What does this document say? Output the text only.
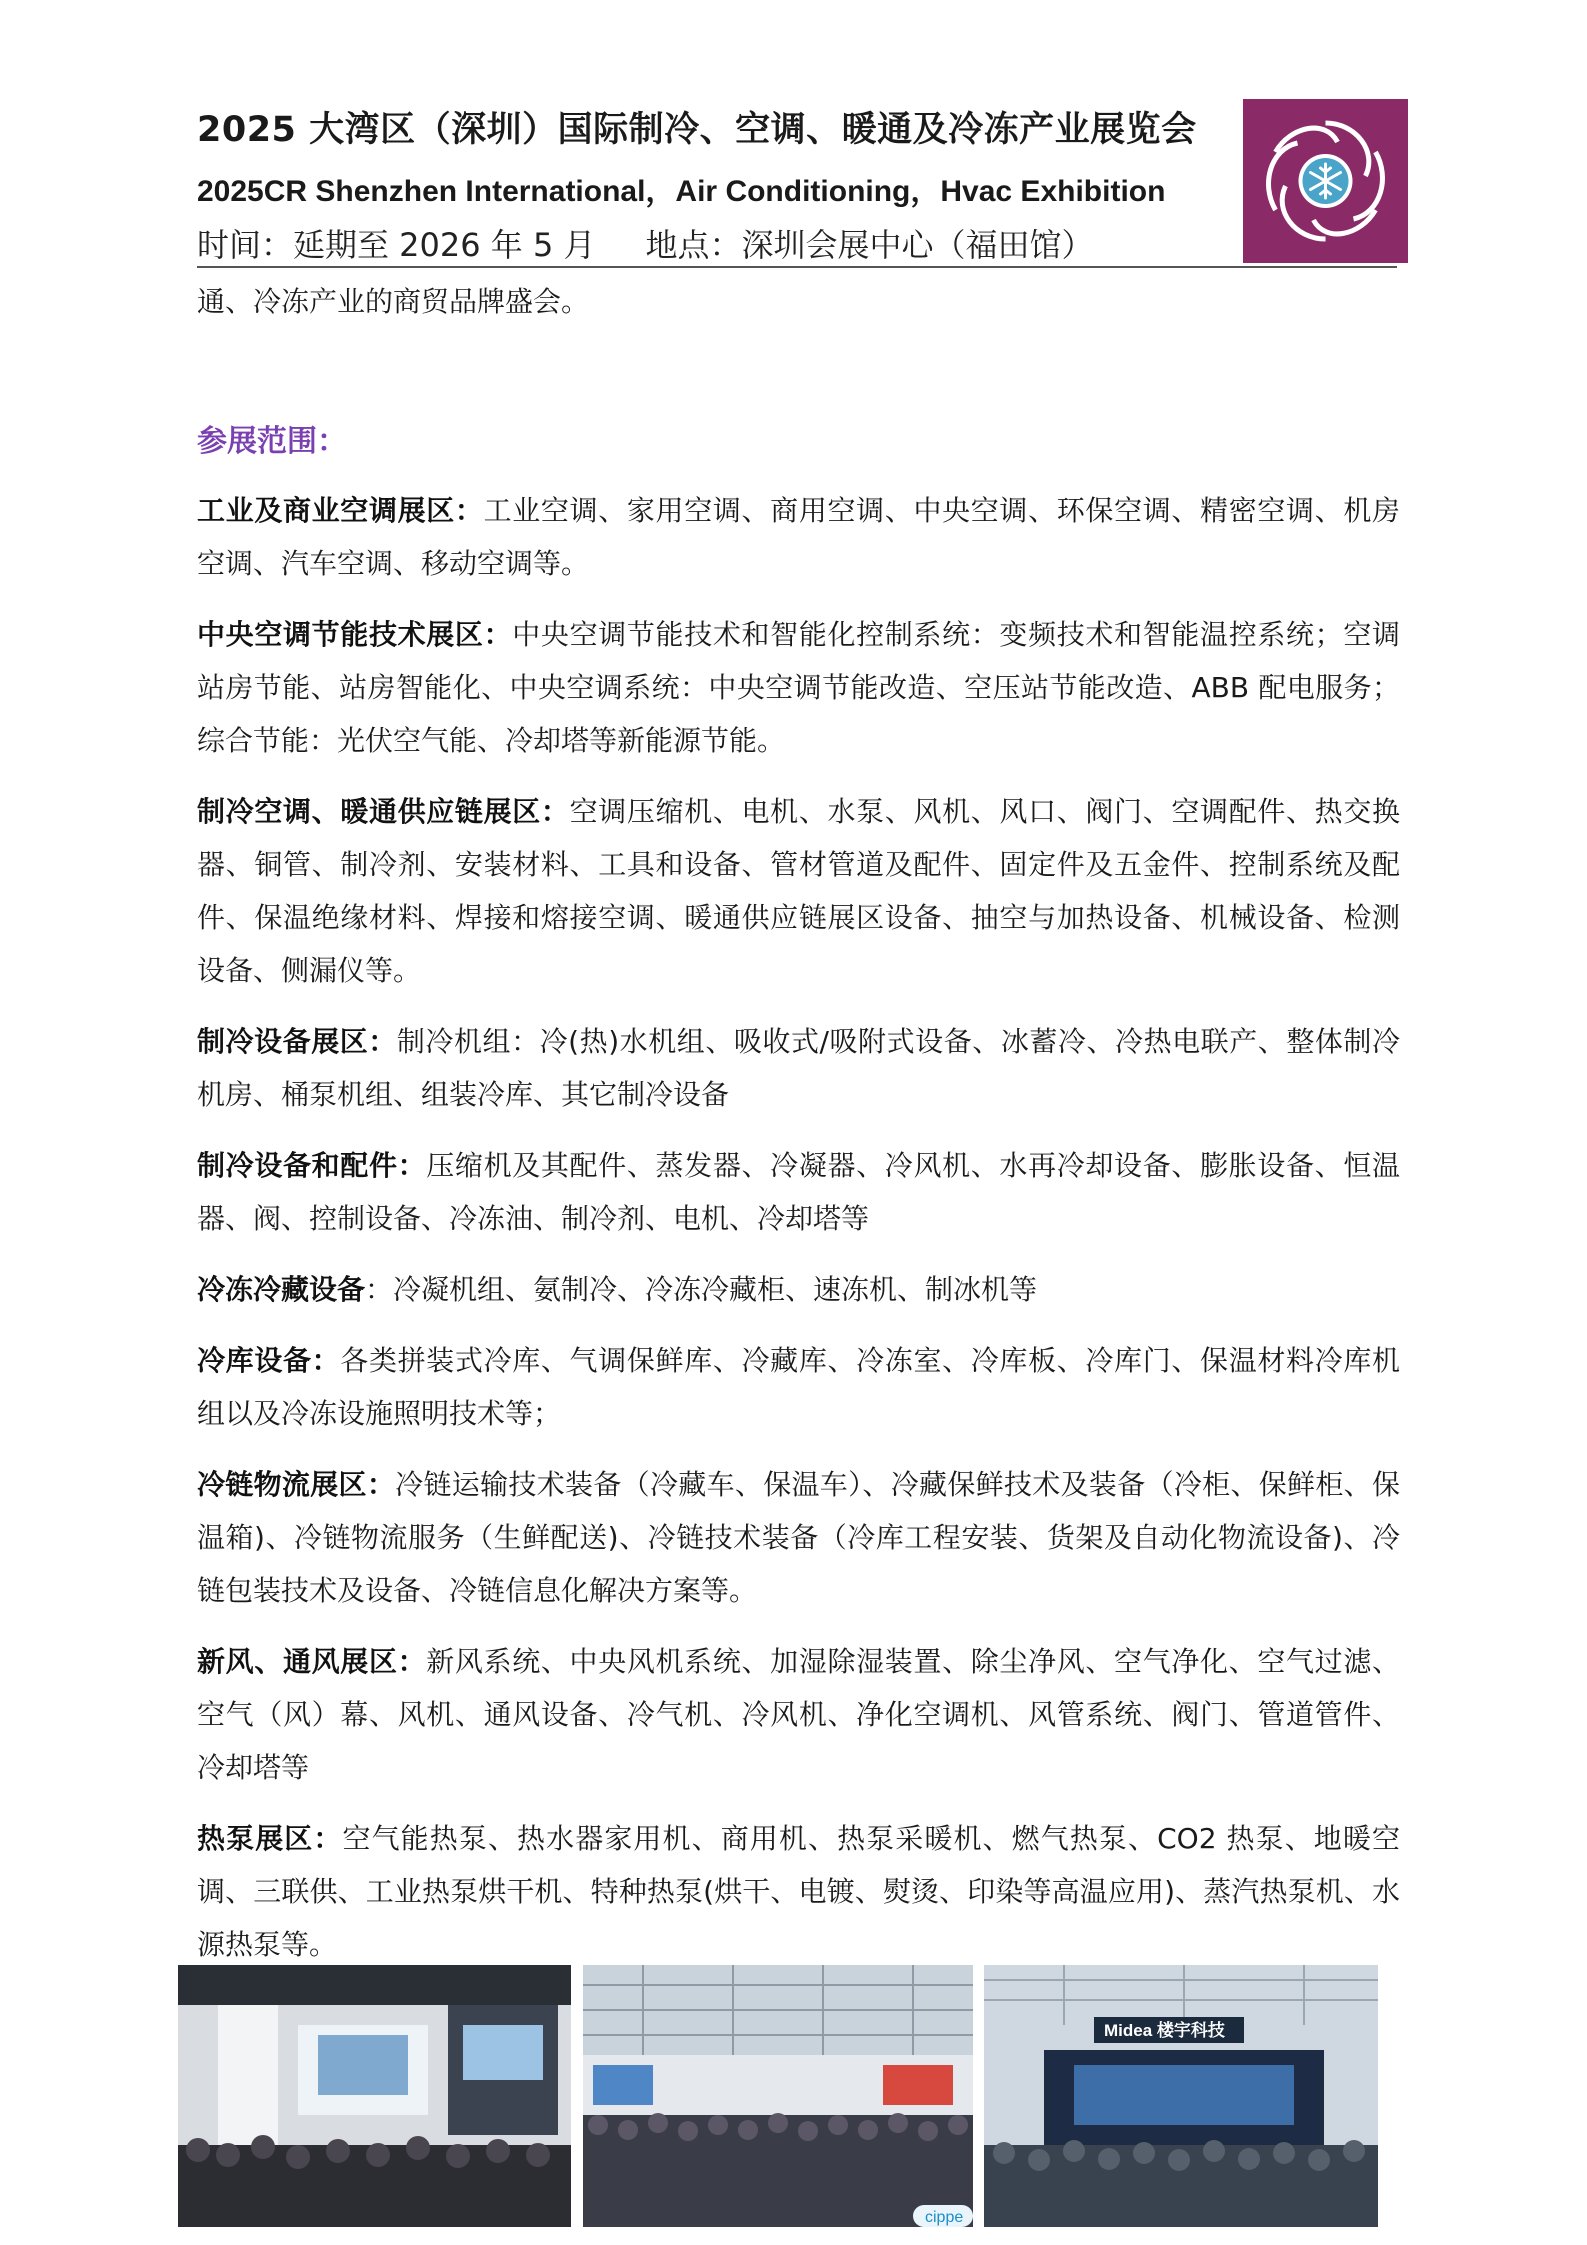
2025 大湾区（深圳）国际制冷、空调、暖通及冷冻产业展览会
2025CR Shenzhen International，Air Conditioning，Hvac Exhibition
时间：延期至 2026 年 5 月 地点：深圳会展中心（福田馆）

通、冷冻产业的商贸品牌盛会。

参展范围：

工业及商业空调展区：工业空调、家用空调、商用空调、中央空调、环保空调、精密空调、机房空调、汽车空调、移动空调等。

中央空调节能技术展区：中央空调节能技术和智能化控制系统：变频技术和智能温控系统；空调站房节能、站房智能化、中央空调系统：中央空调节能改造、空压站节能改造、ABB 配电服务；综合节能：光伏空气能、冷却塔等新能源节能。

制冷空调、暖通供应链展区：空调压缩机、电机、水泵、风机、风口、阀门、空调配件、热交换器、铜管、制冷剂、安装材料、工具和设备、管材管道及配件、固定件及五金件、控制系统及配件、保温绝缘材料、焊接和熔接空调、暖通供应链展区设备、抽空与加热设备、机械设备、检测设备、侧漏仪等。

制冷设备展区：制冷机组：冷(热)水机组、吸收式/吸附式设备、冰蓄冷、冷热电联产、整体制冷机房、桶泵机组、组装冷库、其它制冷设备

制冷设备和配件：压缩机及其配件、蒸发器、冷凝器、冷风机、水再冷却设备、膨胀设备、恒温器、阀、控制设备、冷冻油、制冷剂、电机、冷却塔等

冷冻冷藏设备：冷凝机组、氨制冷、冷冻冷藏柜、速冻机、制冰机等

冷库设备：各类拼装式冷库、气调保鲜库、冷藏库、冷冻室、冷库板、冷库门、保温材料冷库机组以及冷冻设施照明技术等；

冷链物流展区：冷链运输技术装备（冷藏车、保温车）、冷藏保鲜技术及装备（冷柜、保鲜柜、保温箱)、冷链物流服务（生鲜配送)、冷链技术装备（冷库工程安装、货架及自动化物流设备)、冷链包装技术及设备、冷链信息化解决方案等。

新风、通风展区：新风系统、中央风机系统、加湿除湿装置、除尘净风、空气净化、空气过滤、空气（风）幕、风机、通风设备、冷气机、冷风机、净化空调机、风管系统、阀门、管道管件、冷却塔等

热泵展区：空气能热泵、热水器家用机、商用机、热泵采暖机、燃气热泵、CO2 热泵、地暖空调、三联供、工业热泵烘干机、特种热泵(烘干、电镀、熨烫、印染等高温应用)、蒸汽热泵机、水源热泵等。

cippe
Midea 楼宇科技
